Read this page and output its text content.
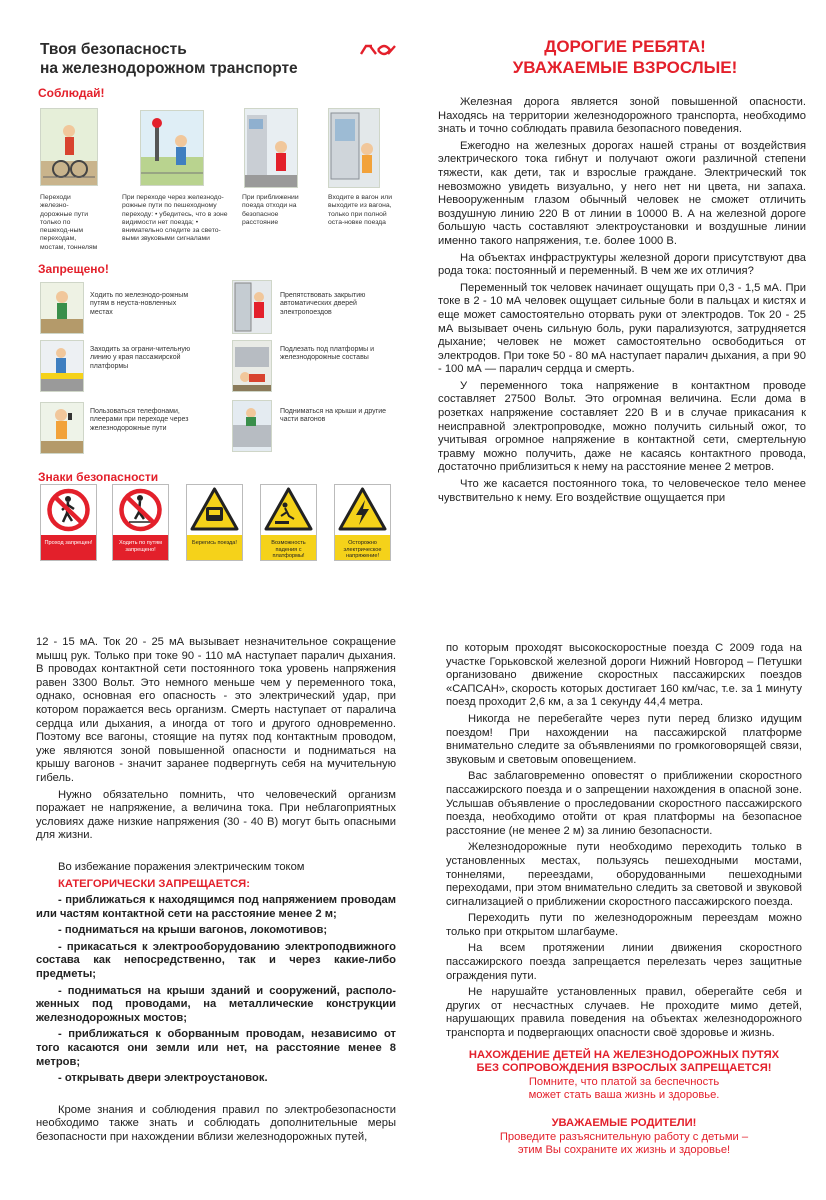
Твоя безопасность
на железнодорожном транспорте
Соблюдай!
Переходи железно-дорожные пути только по пешеход-ным переходам, мостам, тоннелям
При переходе через железнодо-рожные пути по пешеходному переходу: • убедитесь, что в зоне видимости нет поезда; • внимательно следите за свето-выми звуковыми сигналами
При приближении поезда отходи на безопасное расстояние
Входите в вагон или выходите из вагона, только при полной оста-новке поезда
Запрещено!
Ходить по железнодо-рожным путям в неуста-новленных местах
Препятствовать закрытию автоматических дверей электропоездов
Заходить за ограни-чительную линию у края пассажирской платформы
Подлезать под платформы и железнодорожные составы
Пользоваться телефонами, плеерами при переходе через железнодорожные пути
Подниматься на крыши и другие части вагонов
Знаки безопасности
Проход запрещен!	Ходить по путям запрещено!
Берегись поезда!	Возможность падения с платформы!
Осторожно электрическое напряжение!
ДОРОГИЕ РЕБЯТА!
УВАЖАЕМЫЕ ВЗРОСЛЫЕ!

Железная дорога является зоной повышенной опасности. Находясь на территории железнодорожного транспорта, необходимо знать и точно соблюдать правила безопасного поведения.

Ежегодно на железных дорогах нашей страны от воздействия электрического тока гибнут и получают ожоги различной степени тяжести, как дети, так и взрослые граждане. Электрический ток невозможно увидеть визуально, у него нет ни цвета, ни запаха. Невооруженным глазом обычный человек не сможет отличить воздушную линию 220 В от линии в 10000 В. А на железной дороге большую часть составляют электроустановки и воздушные линии именно такого напряжения, т.е. более 1000 В.

На объектах инфраструктуры железной дороги присутствуют два рода тока: постоянный и переменный. В чем же их отличия?

Переменный ток человек начинает ощущать при 0,3 - 1,5 мА. При токе в 2 - 10 мА человек ощущает сильные боли в пальцах и кистях и еще может самостоятельно оторвать руки от электродов. Ток 20 - 25 мА вызывает очень сильную боль, руки парализуются, затрудняется дыхание; человек не может самостоятельно освободиться от электродов. При токе 50 - 80 мА наступает паралич дыхания, а при 90 - 100 мА — паралич сердца и смерть.

У переменного тока напряжение в контактном проводе составляет 27500 Вольт. Это огромная величина. Если дома в розетках напряжение составляет 220 В и в случае прикасания к неисправной электропроводке, можно получить сильный ожог, то учитывая огромное напряжение в контактной сети, смертельную травму можно получить, даже не касаясь контактного провода, достаточно приблизиться к нему на расстояние менее 2 метров.

Что же касается постоянного тока, то человеческое тело менее чувствительно к нему. Его воздействие ощущается при

12 - 15 мА. Ток 20 - 25 мА вызывает незначительное сокращение мышц рук. Только при токе 90 - 110 мА наступает паралич дыхания. В проводах контактной сети постоянного тока уровень напряжения равен 3300 Вольт. Это немного меньше чем у переменного тока, однако, основная его опасность - это электрический удар, при котором поражается весь организм. Смерть наступает от паралича сердца или дыхания, а иногда от того и другого одновременно. Поэтому все вагоны, стоящие на путях под контактным проводом, уже являются зоной повышенной опасности и подниматься на крышу вагонов - значит заранее подвергнуть себя на мучительную гибель.

Нужно обязательно помнить, что человеческий организм поражает не напряжение, а величина тока. При неблагоприятных условиях даже низкие напряжения (30 - 40 В) могут быть опасными для жизни.

Во избежание поражения электрическим током

КАТЕГОРИЧЕСКИ ЗАПРЕЩАЕТСЯ:

- приближаться к находящимся под напряжением проводам или частям контактной сети на расстояние менее 2 м;

- подниматься на крыши вагонов, локомотивов;

- прикасаться к электрооборудованию электроподвижного состава как непосредственно, так и через какие-либо предметы;

- подниматься на крыши зданий и сооружений, располо-женных под проводами, на металлические конструкции железнодорожных мостов;

- приближаться к оборванным проводам, независимо от того касаются они земли или нет, на расстояние менее 8 метров;

- открывать двери электроустановок.

Кроме знания и соблюдения правил по электробезопасности необходимо также знать и соблюдать дополнительные меры безопасности при нахождении вблизи железнодорожных путей,

по которым проходят высокоскоростные поезда С 2009 года на участке Горьковской железной дороги Нижний Новгород – Петушки организовано движение скоростных пассажирских поездов «САПСАН», скорость которых достигает 160 км/час, т.е. за 1 минуту поезд проходит 2,6 км, а за 1 секунду 44,4 метра.

Никогда не перебегайте через пути перед близко идущим поездом! При нахождении на пассажирской платформе внимательно следите за объявлениями по громкоговорящей связи, звуковым и световым оповещением.

Вас заблаговременно оповестят о приближении скоростного пассажирского поезда и о запрещении нахождения в опасной зоне. Услышав объявление о проследовании скоростного пассажирского поезда, необходимо отойти от края платформы на безопасное расстояние (не менее 2 м) за линию безопасности.

Железнодорожные пути необходимо переходить только в установленных местах, пользуясь пешеходными мостами, тоннелями, переездами, оборудованными пешеходными переходами, при этом внимательно следить за световой и звуковой сигнализацией о приближении скоростного пассажирского поезда.

Переходить пути по железнодорожным переездам можно только при открытом шлагбауме.

На всем протяжении линии движения скоростного пассажирского поезда запрещается перелезать через защитные ограждения пути.

Не нарушайте установленных правил, оберегайте себя и других от несчастных случаев. Не проходите мимо детей, нарушающих правила поведения на объектах железнодорожного транспорта и подвергающих опасности своё здоровье и жизнь.

НАХОЖДЕНИЕ ДЕТЕЙ НА ЖЕЛЕЗНОДОРОЖНЫХ ПУТЯХ
БЕЗ СОПРОВОЖДЕНИЯ ВЗРОСЛЫХ ЗАПРЕЩАЕТСЯ!
Помните, что платой за беспечность
может стать ваша жизнь и здоровье.
УВАЖАЕМЫЕ РОДИТЕЛИ!
Проведите разъяснительную работу с детьми –
этим Вы сохраните их жизнь и здоровье!
